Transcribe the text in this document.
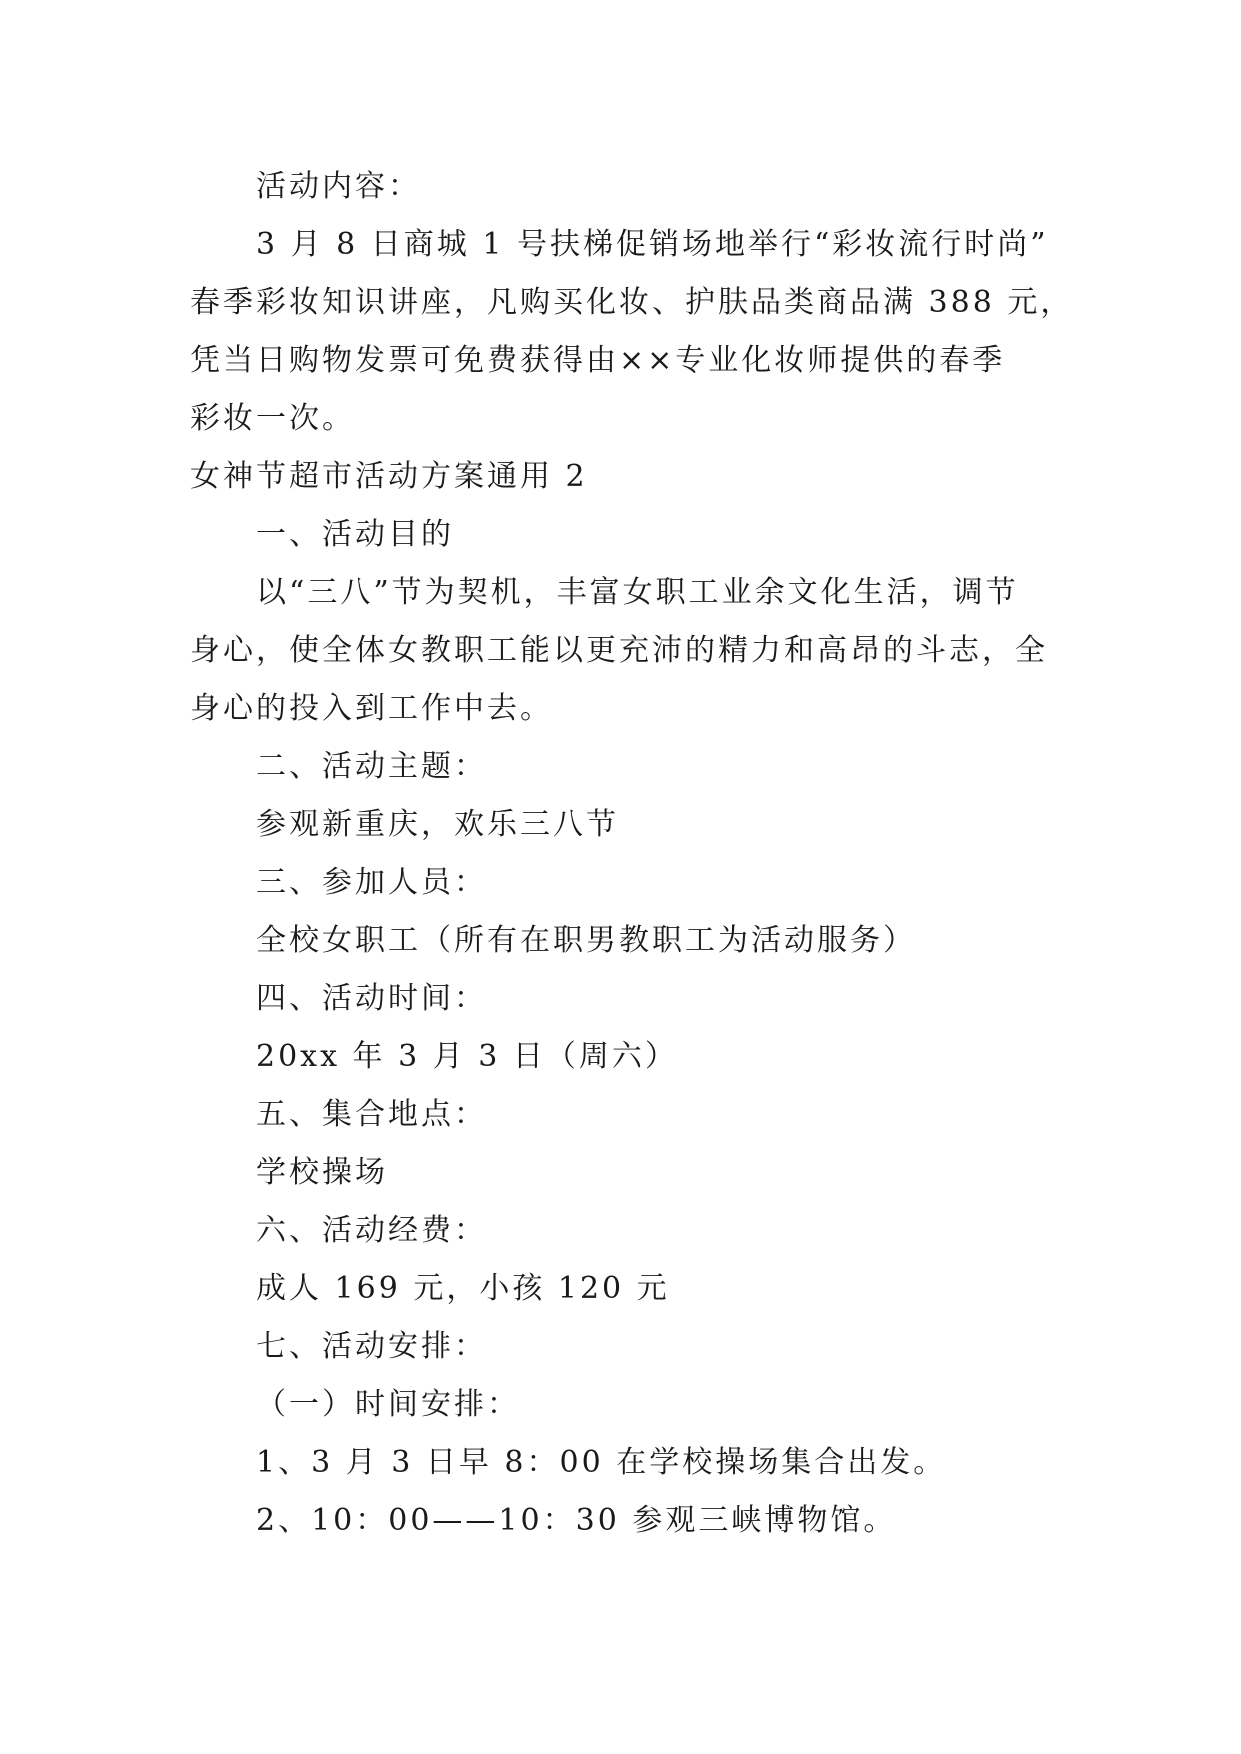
活动内容：

3 月 8 日商城 1 号扶梯促销场地举行“彩妆流行时尚”

春季彩妆知识讲座，凡购买化妆、护肤品类商品满 388 元，

凭当日购物发票可免费获得由××专业化妆师提供的春季

彩妆一次。

女神节超市活动方案通用 2

一、活动目的

以“三八”节为契机，丰富女职工业余文化生活，调节

身心，使全体女教职工能以更充沛的精力和高昂的斗志，全

身心的投入到工作中去。

二、活动主题：

参观新重庆，欢乐三八节

三、参加人员：

全校女职工（所有在职男教职工为活动服务）

四、活动时间：

20xx 年 3 月 3 日（周六）

五、集合地点：

学校操场

六、活动经费：

成人 169 元，小孩 120 元

七、活动安排：

（一）时间安排：

1、3 月 3 日早 8：00 在学校操场集合出发。

2、10：00——10：30 参观三峡博物馆。
